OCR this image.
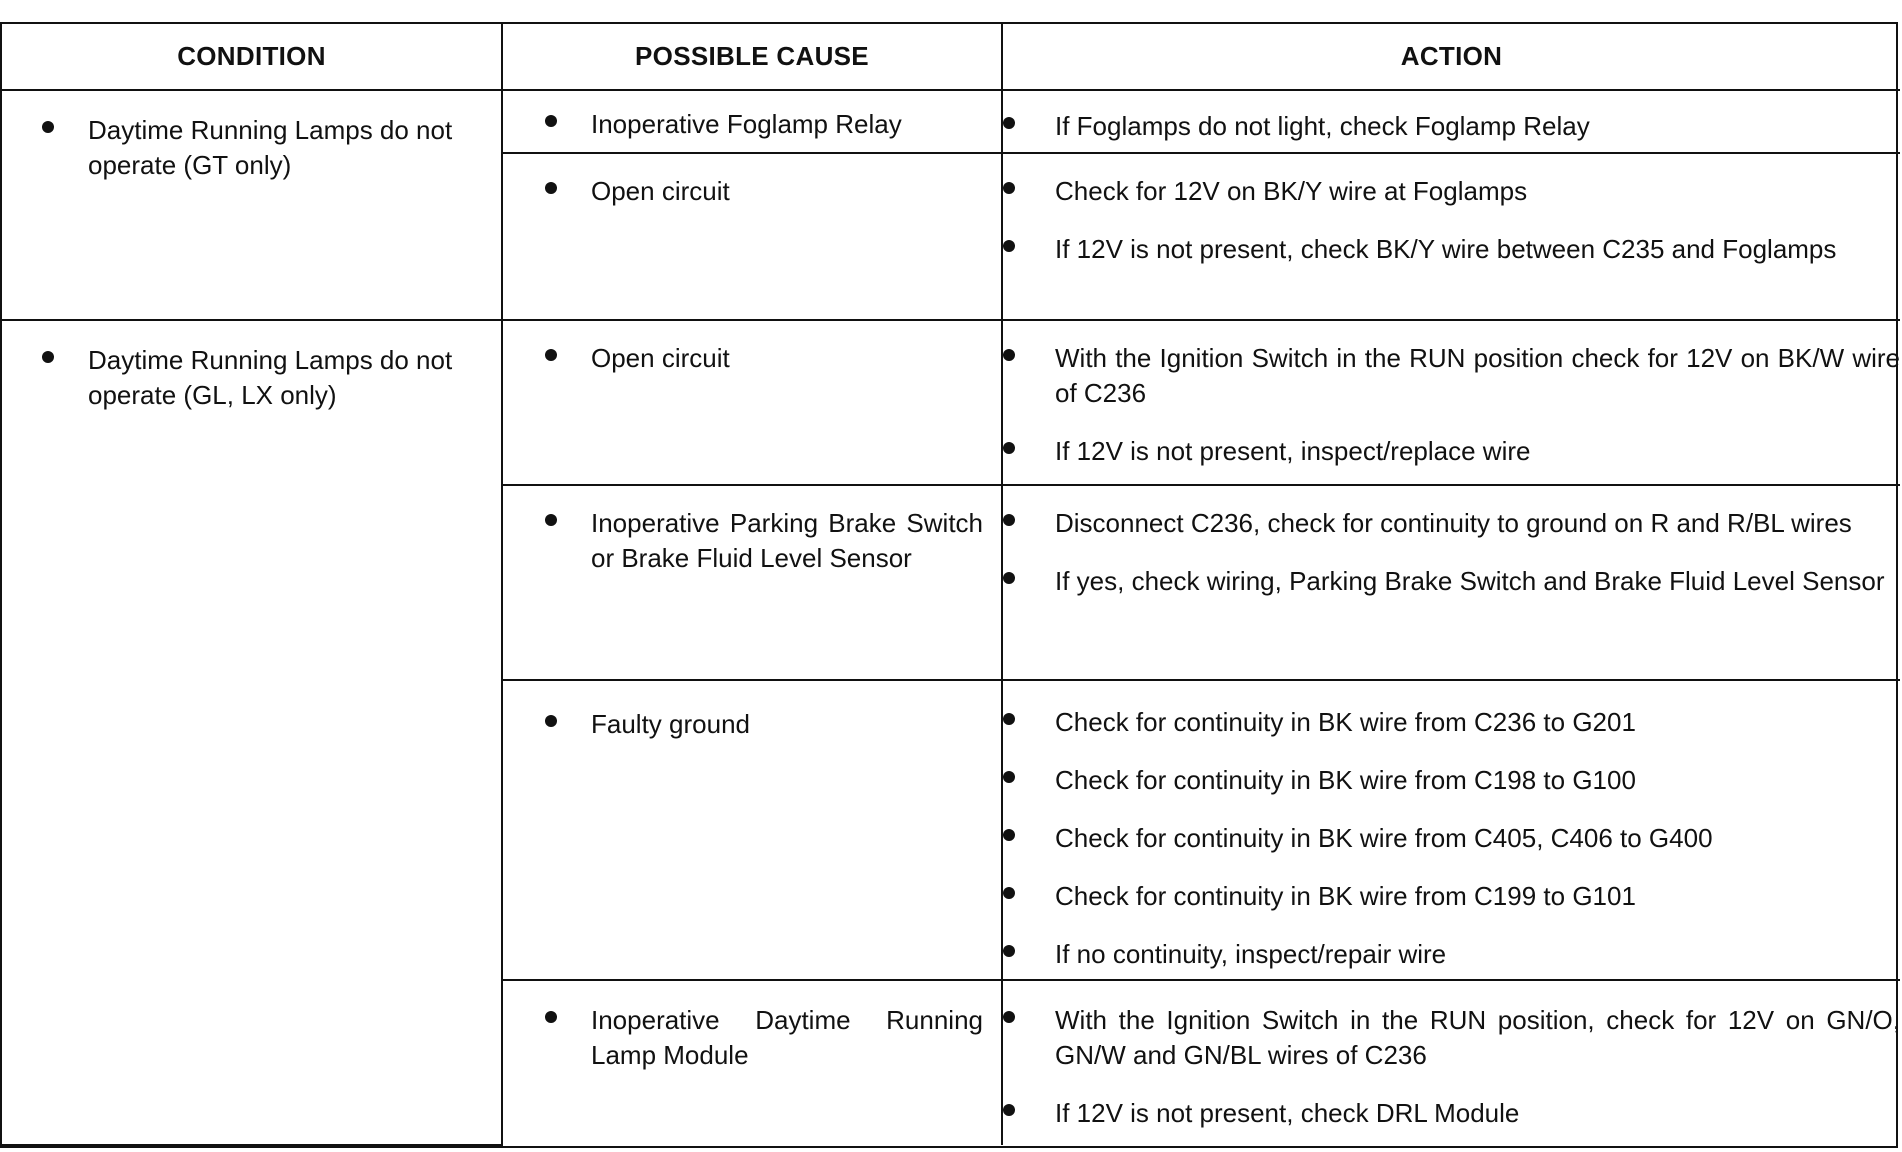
CONDITION	POSSIBLE CAUSE	ACTION

Daytime Running Lamps do not operate (GT only)	Inoperative Foglamp Relay	If Foglamps do not light, check Foglamp Relay

	Open circuit	Check for 12V on BK/Y wire at Foglamps
If 12V is not present, check BK/Y wire between C235 and Foglamps

Daytime Running Lamps do not operate (GL, LX only)	Open circuit	With the Ignition Switch in the RUN position check for 12V on BK/W wire of C236
If 12V is not present, inspect/replace wire

	Inoperative Parking Brake Switch or Brake Fluid Level Sensor	Disconnect C236, check for continuity to ground on R and R/BL wires
If yes, check wiring, Parking Brake Switch and Brake Fluid Level Sensor

	Faulty ground	Check for continuity in BK wire from C236 to G201
Check for continuity in BK wire from C198 to G100
Check for continuity in BK wire from C405, C406 to G400
Check for continuity in BK wire from C199 to G101
If no continuity, inspect/repair wire

	Inoperative Daytime Running Lamp Module	With the Ignition Switch in the RUN position, check for 12V on GN/O, GN/W and GN/BL wires of C236
If 12V is not present, check DRL Module
